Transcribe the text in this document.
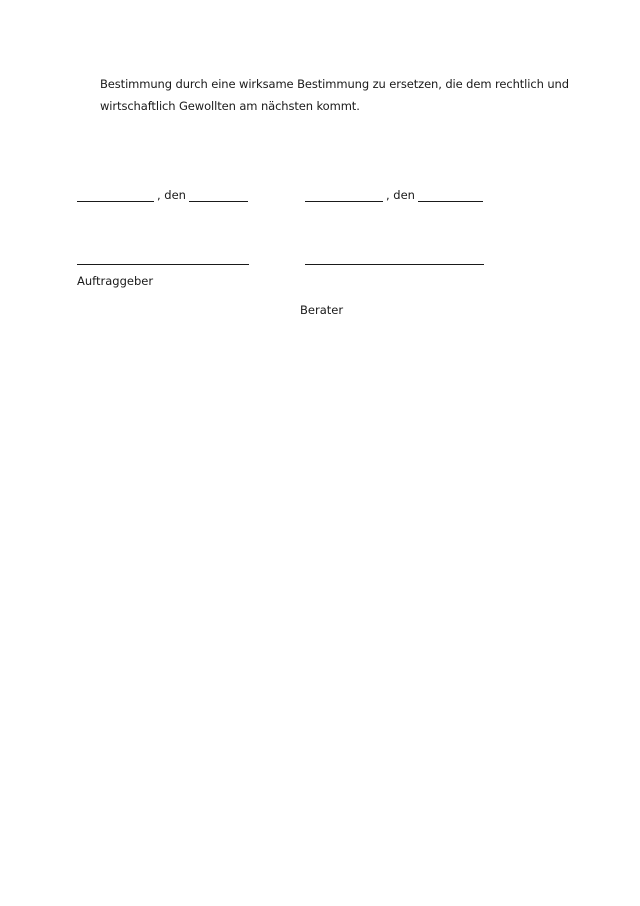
Bestimmung durch eine wirksame Bestimmung zu ersetzen, die dem rechtlich und
wirtschaftlich Gewollten am nächsten kommt.
, den	, den
Auftraggeber
Berater
